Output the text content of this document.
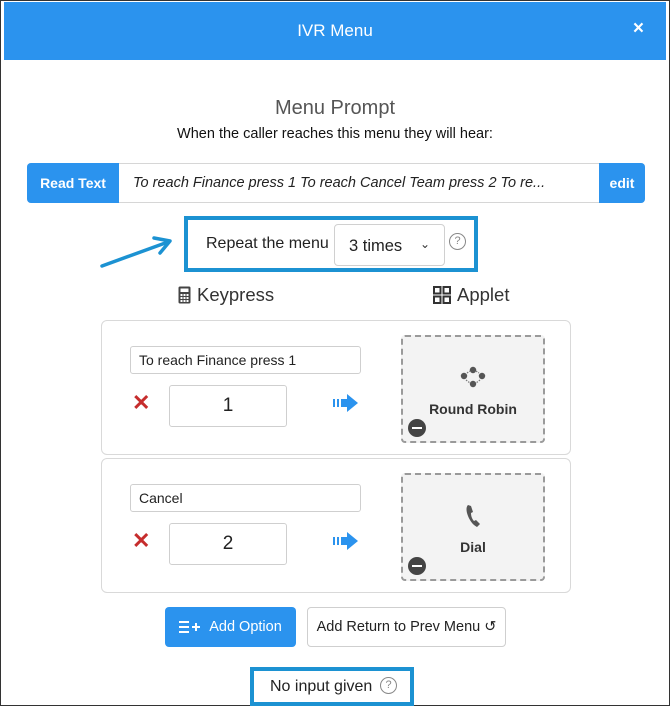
IVR Menu	×
Menu Prompt
When the caller reaches this menu they will hear:
Read Text	To reach Finance press 1 To reach Cancel Team press 2 To re...	edit
Repeat the menu 3 times ⌄	?
Keypress	Applet
To reach Finance press 1
✕	1	Round Robin
Cancel
✕	2	Dial
Add Option	Add Return to Prev Menu ↺
No input given	?
